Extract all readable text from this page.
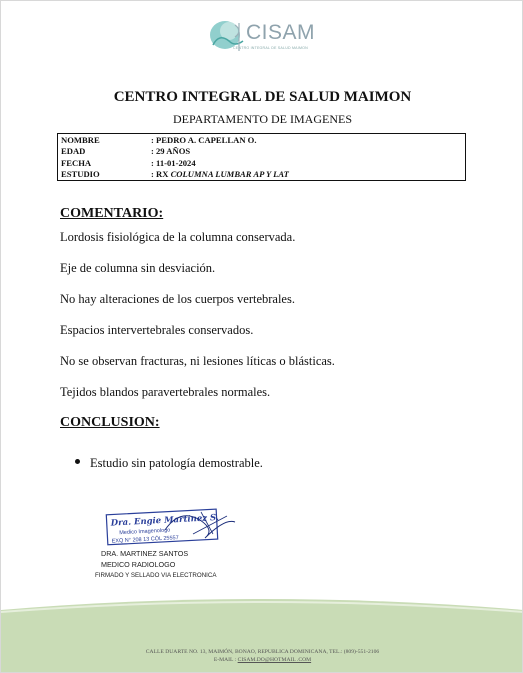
CISAM
CENTRO INTEGRAL DE SALUD MAIMON
CENTRO INTEGRAL DE SALUD MAIMON
DEPARTAMENTO DE IMAGENES
NOMBRE	: PEDRO A. CAPELLAN O.
EDAD	: 29 AÑOS
FECHA	: 11-01-2024
ESTUDIO	: RX COLUMNA LUMBAR AP Y LAT
COMENTARIO:
Lordosis fisiológica de la columna conservada.
Eje de columna sin desviación.
No hay alteraciones de los cuerpos vertebrales.
Espacios intervertebrales conservados.
No se observan fracturas, ni lesiones líticas o blásticas.
Tejidos blandos paravertebrales normales.
CONCLUSION:
Estudio sin patología demostrable.
Dra. Engie Martinez S.
Medico Imagenologo
EXQ N° 208 13 CÓL 25557
DRA. MARTINEZ SANTOS
MEDICO RADIOLOGO
FIRMADO Y SELLADO VIA ELECTRONICA
CALLE DUARTE NO. 13, MAIMÓN, BONAO, REPUBLICA DOMINICANA, TEL.: (809)-551-2106
E-MAIL : CISAM.DO@HOTMAIL .COM
